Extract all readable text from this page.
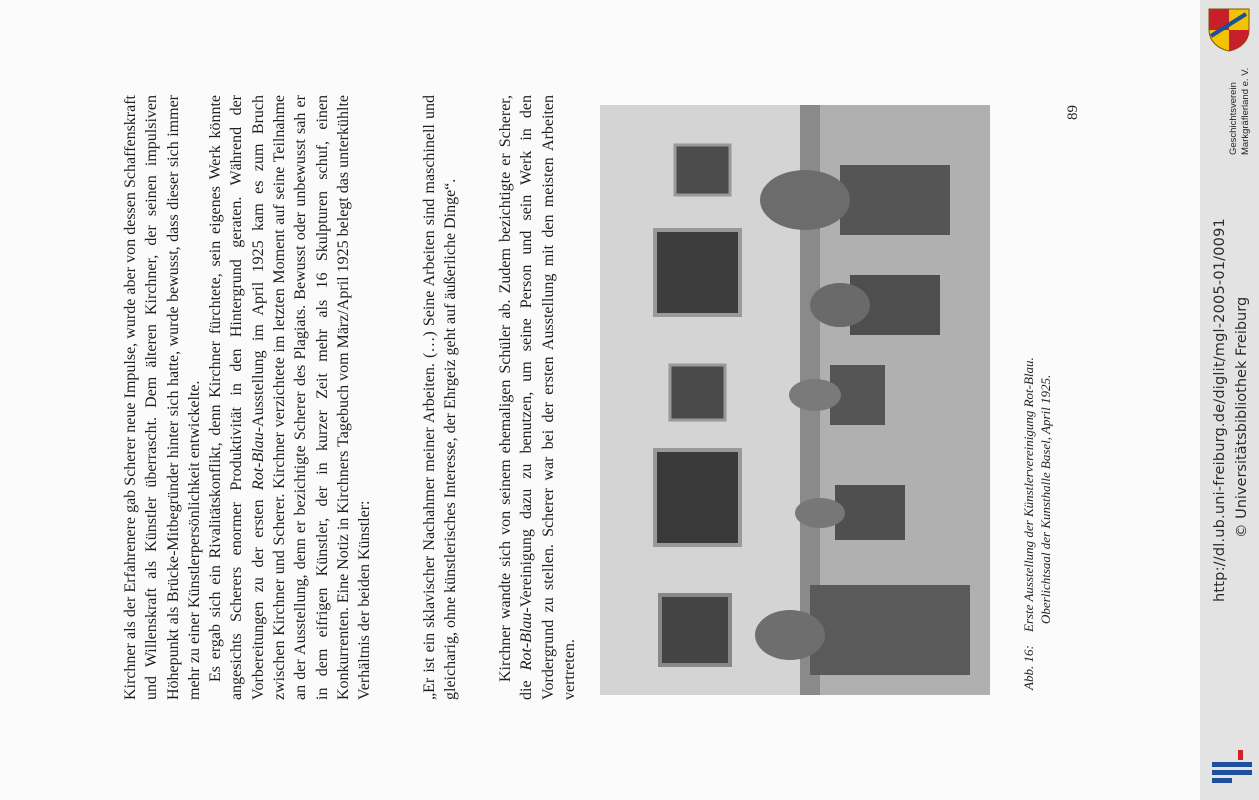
Kirchner als der Erfahrenere gab Scherer neue Impulse, wurde aber von dessen Schaffenskraft und Willenskraft als Künstler überrascht. Dem älteren Kirchner, der seinen impulsiven Höhepunkt als Brücke-Mitbegründer hinter sich hatte, wurde bewusst, dass dieser sich immer mehr zu einer Künstlerpersönlichkeit entwickelte. Es ergab sich ein Rivalitätskonflikt, denn Kirchner fürchtete, sein eigenes Werk könnte angesichts Scherers enormer Produktivität in den Hintergrund geraten. Während der Vorbereitungen zu der ersten Rot-Blau-Ausstellung im April 1925 kam es zum Bruch zwischen Kirchner und Scherer. Kirchner verzichtete im letzten Moment auf seine Teilnahme an der Ausstellung, denn er bezichtigte Scherer des Plagiats. Bewusst oder unbewusst sah er in dem eifrigen Künstler, der in kurzer Zeit mehr als 16 Skulpturen schuf, einen Konkurrenten. Eine Notiz in Kirchners Tagebuch vom März/April 1925 belegt das unterkühlte Verhältnis der beiden Künstler:	„Er ist ein sklavischer Nachahmer meiner Arbeiten. (…) Seine Arbeiten sind maschinell und gleicharig, ohne künstlerisches Interesse, der Ehrgeiz geht auf äußerliche Dinge“. Kirchner wandte sich von seinem ehemaligen Schüler ab. Zudem bezichtigte er Scherer, die Rot-Blau-Vereinigung dazu zu benutzen, um seine Person und sein Werk in den Vordergrund zu stellen. Scherer war bei der ersten Ausstellung mit den meisten Arbeiten vertreten.	Abb. 16:Erste Ausstellung der Künstlervereinigung Rot-Blau. Oberlichtsaal der Kunsthalle Basel, April 1925.
89
http://dl.ub.uni-freiburg.de/diglit/mgl-2005-01/0091 © Universitätsbibliothek Freiburg
Geschichtsverein Markgräflerland e. V.
